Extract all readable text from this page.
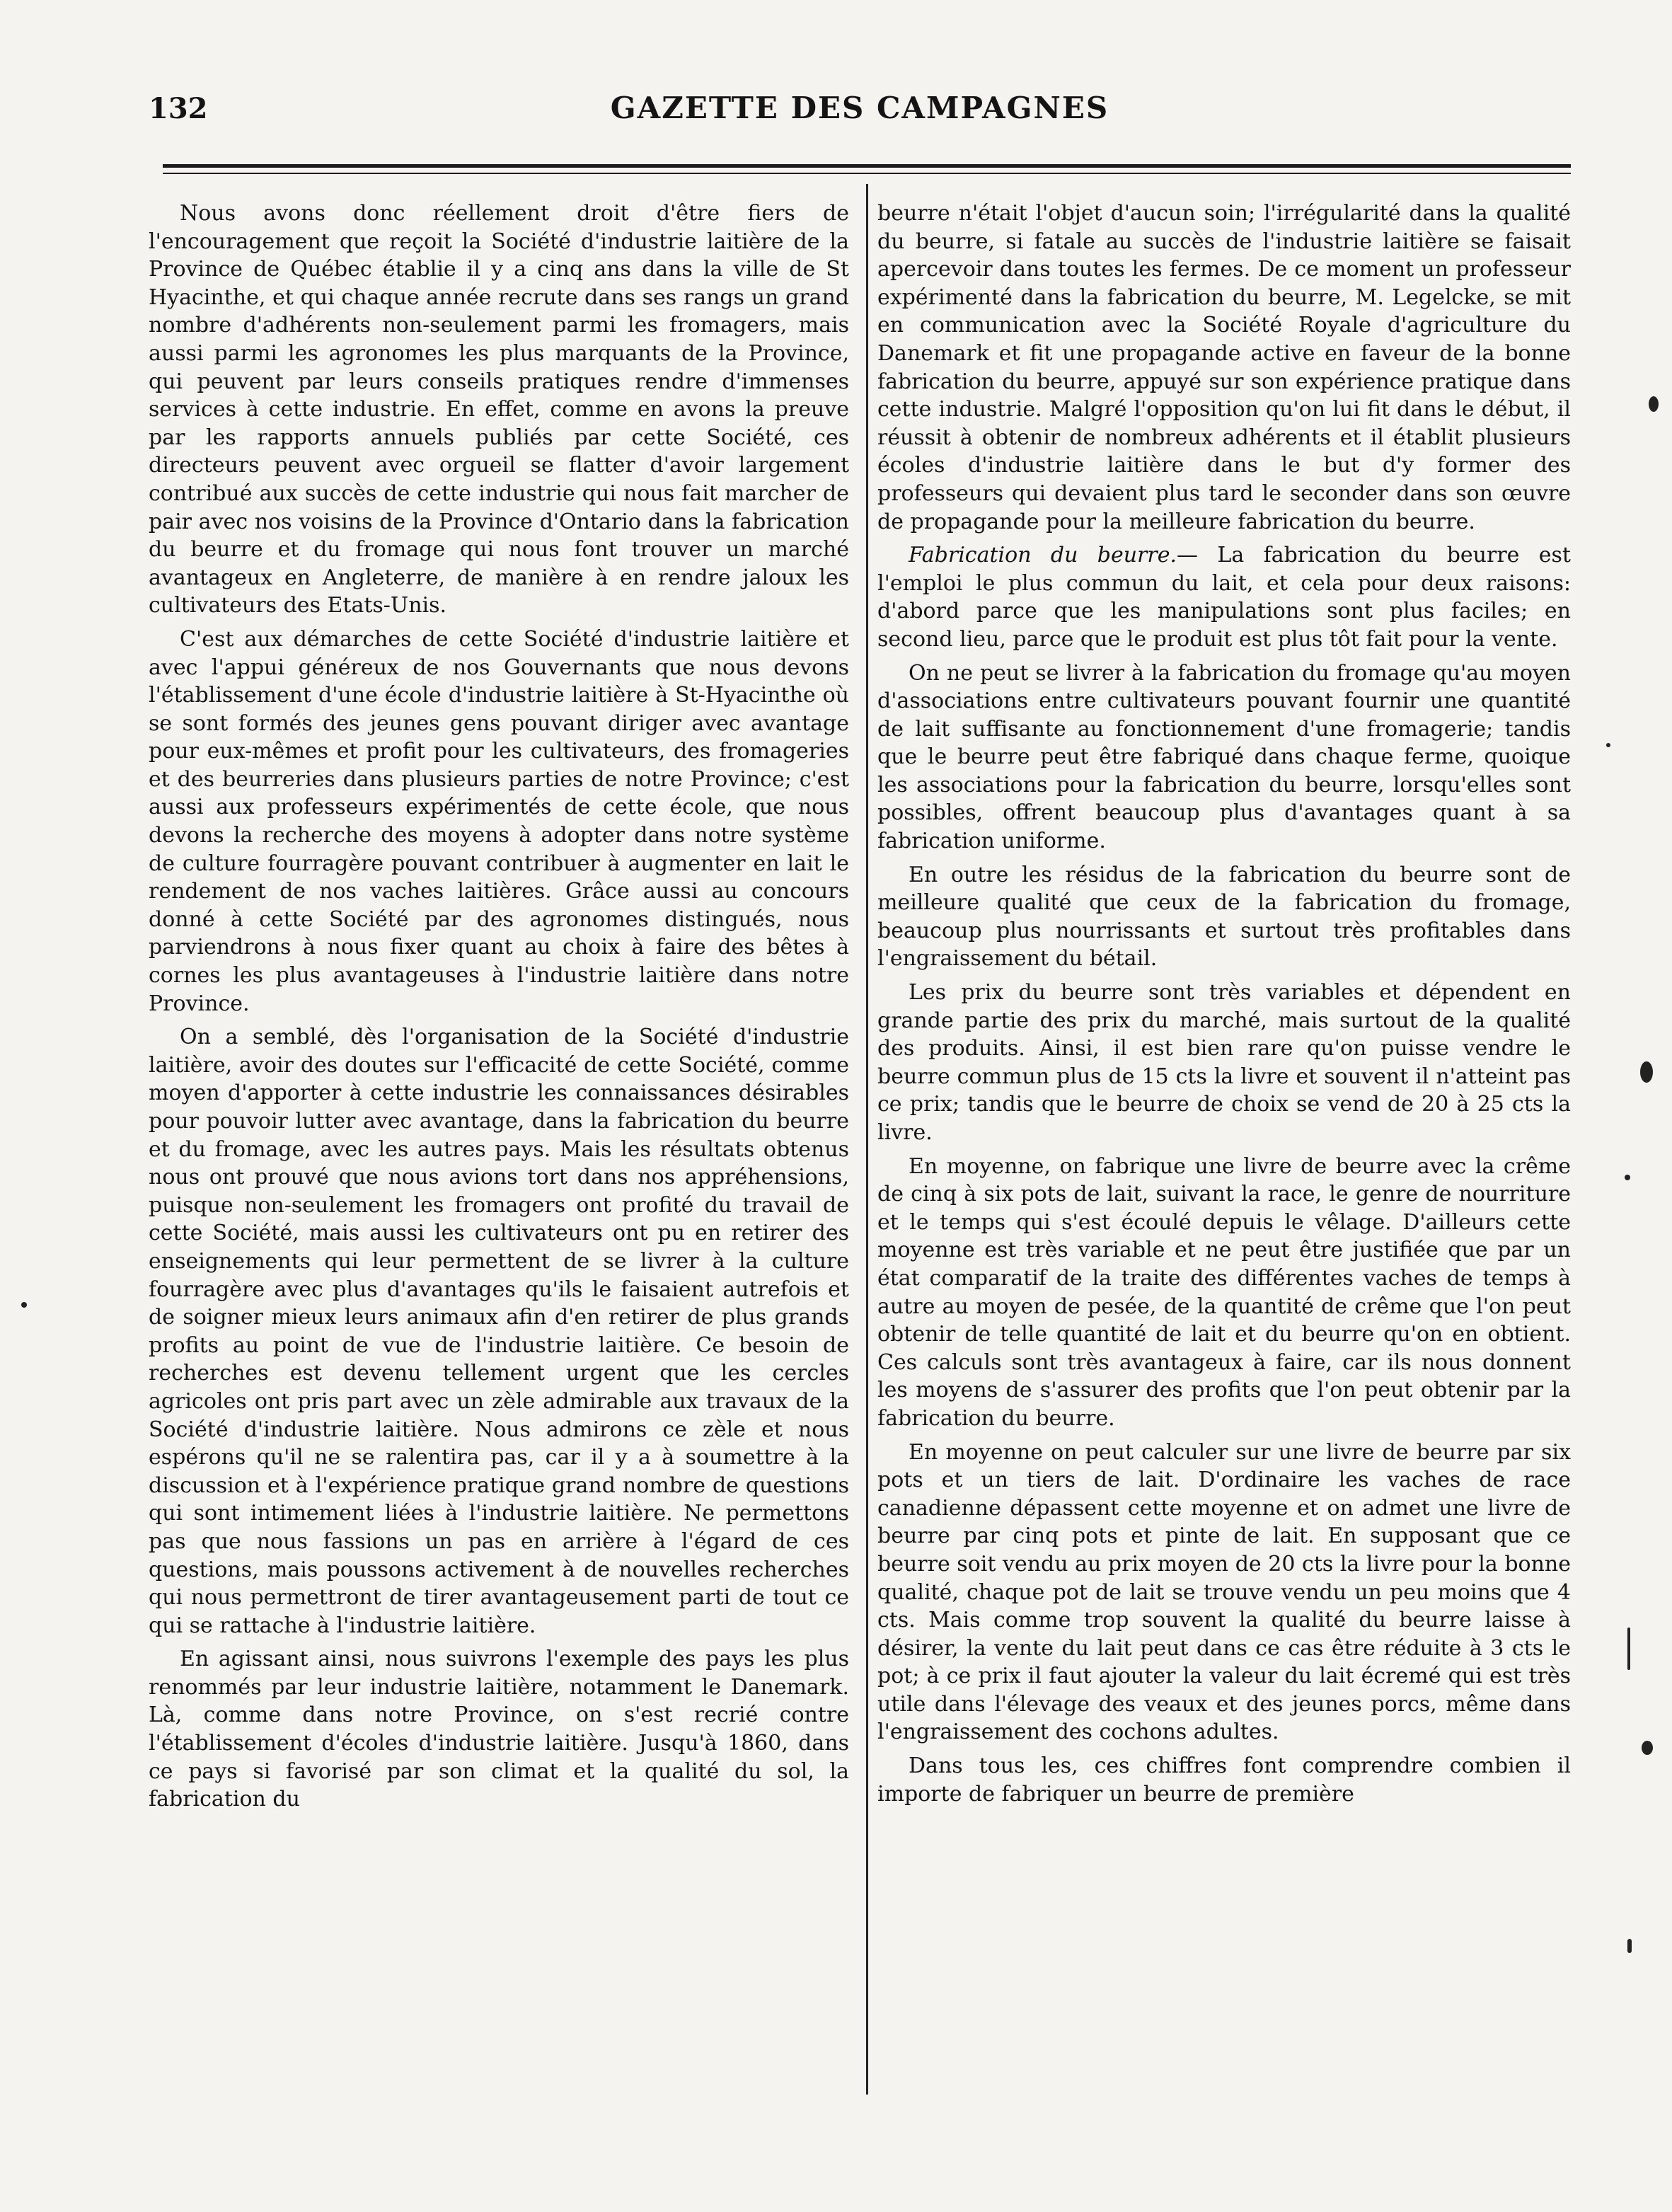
132	GAZETTE DES CAMPAGNES

Nous avons donc réellement droit d'être fiers de l'encouragement que reçoit la Société d'industrie laitière de la Province de Québec établie il y a cinq ans dans la ville de St Hyacinthe, et qui chaque année recrute dans ses rangs un grand nombre d'adhérents non-seulement parmi les fromagers, mais aussi parmi les agronomes les plus marquants de la Province, qui peuvent par leurs conseils pratiques rendre d'immenses services à cette industrie. En effet, comme en avons la preuve par les rapports annuels publiés par cette Société, ces directeurs peuvent avec orgueil se flatter d'avoir largement contribué aux succès de cette industrie qui nous fait marcher de pair avec nos voisins de la Province d'Ontario dans la fabrication du beurre et du fromage qui nous font trouver un marché avantageux en Angleterre, de manière à en rendre jaloux les cultivateurs des Etats-Unis.

C'est aux démarches de cette Société d'industrie laitière et avec l'appui généreux de nos Gouvernants que nous devons l'établissement d'une école d'industrie laitière à St-Hyacinthe où se sont formés des jeunes gens pouvant diriger avec avantage pour eux-mêmes et profit pour les cultivateurs, des fromageries et des beurreries dans plusieurs parties de notre Province; c'est aussi aux professeurs expérimentés de cette école, que nous devons la recherche des moyens à adopter dans notre système de culture fourragère pouvant contribuer à augmenter en lait le rendement de nos vaches laitières. Grâce aussi au concours donné à cette Société par des agronomes distingués, nous parviendrons à nous fixer quant au choix à faire des bêtes à cornes les plus avantageuses à l'industrie laitière dans notre Province.

On a semblé, dès l'organisation de la Société d'industrie laitière, avoir des doutes sur l'efficacité de cette Société, comme moyen d'apporter à cette industrie les connaissances désirables pour pouvoir lutter avec avantage, dans la fabrication du beurre et du fromage, avec les autres pays. Mais les résultats obtenus nous ont prouvé que nous avions tort dans nos appréhensions, puisque non-seulement les fromagers ont profité du travail de cette Société, mais aussi les cultivateurs ont pu en retirer des enseignements qui leur permettent de se livrer à la culture fourragère avec plus d'avantages qu'ils le faisaient autrefois et de soigner mieux leurs animaux afin d'en retirer de plus grands profits au point de vue de l'industrie laitière. Ce besoin de recherches est devenu tellement urgent que les cercles agricoles ont pris part avec un zèle admirable aux travaux de la Société d'industrie laitière. Nous admirons ce zèle et nous espérons qu'il ne se ralentira pas, car il y a à soumettre à la discussion et à l'expérience pratique grand nombre de questions qui sont intimement liées à l'industrie laitière. Ne permettons pas que nous fassions un pas en arrière à l'égard de ces questions, mais poussons activement à de nouvelles recherches qui nous permettront de tirer avantageusement parti de tout ce qui se rattache à l'industrie laitière.

En agissant ainsi, nous suivrons l'exemple des pays les plus renommés par leur industrie laitière, notamment le Danemark. Là, comme dans notre Province, on s'est recrié contre l'établissement d'écoles d'industrie laitière. Jusqu'à 1860, dans ce pays si favorisé par son climat et la qualité du sol, la fabrication du

beurre n'était l'objet d'aucun soin; l'irrégularité dans la qualité du beurre, si fatale au succès de l'industrie laitière se faisait apercevoir dans toutes les fermes. De ce moment un professeur expérimenté dans la fabrication du beurre, M. Legelcke, se mit en communication avec la Société Royale d'agriculture du Danemark et fit une propagande active en faveur de la bonne fabrication du beurre, appuyé sur son expérience pratique dans cette industrie. Malgré l'opposition qu'on lui fit dans le début, il réussit à obtenir de nombreux adhérents et il établit plusieurs écoles d'industrie laitière dans le but d'y former des professeurs qui devaient plus tard le seconder dans son œuvre de propagande pour la meilleure fabrication du beurre.

Fabrication du beurre.— La fabrication du beurre est l'emploi le plus commun du lait, et cela pour deux raisons: d'abord parce que les manipulations sont plus faciles; en second lieu, parce que le produit est plus tôt fait pour la vente.

On ne peut se livrer à la fabrication du fromage qu'au moyen d'associations entre cultivateurs pouvant fournir une quantité de lait suffisante au fonctionnement d'une fromagerie; tandis que le beurre peut être fabriqué dans chaque ferme, quoique les associations pour la fabrication du beurre, lorsqu'elles sont possibles, offrent beaucoup plus d'avantages quant à sa fabrication uniforme.

En outre les résidus de la fabrication du beurre sont de meilleure qualité que ceux de la fabrication du fromage, beaucoup plus nourrissants et surtout très profitables dans l'engraissement du bétail.

Les prix du beurre sont très variables et dépendent en grande partie des prix du marché, mais surtout de la qualité des produits. Ainsi, il est bien rare qu'on puisse vendre le beurre commun plus de 15 cts la livre et souvent il n'atteint pas ce prix; tandis que le beurre de choix se vend de 20 à 25 cts la livre.

En moyenne, on fabrique une livre de beurre avec la crême de cinq à six pots de lait, suivant la race, le genre de nourriture et le temps qui s'est écoulé depuis le vêlage. D'ailleurs cette moyenne est très variable et ne peut être justifiée que par un état comparatif de la traite des différentes vaches de temps à autre au moyen de pesée, de la quantité de crême que l'on peut obtenir de telle quantité de lait et du beurre qu'on en obtient. Ces calculs sont très avantageux à faire, car ils nous donnent les moyens de s'assurer des profits que l'on peut obtenir par la fabrication du beurre.

En moyenne on peut calculer sur une livre de beurre par six pots et un tiers de lait. D'ordinaire les vaches de race canadienne dépassent cette moyenne et on admet une livre de beurre par cinq pots et pinte de lait. En supposant que ce beurre soit vendu au prix moyen de 20 cts la livre pour la bonne qualité, chaque pot de lait se trouve vendu un peu moins que 4 cts. Mais comme trop souvent la qualité du beurre laisse à désirer, la vente du lait peut dans ce cas être réduite à 3 cts le pot; à ce prix il faut ajouter la valeur du lait écremé qui est très utile dans l'élevage des veaux et des jeunes porcs, même dans l'engraissement des cochons adultes.

Dans tous les, ces chiffres font comprendre combien il importe de fabriquer un beurre de première
